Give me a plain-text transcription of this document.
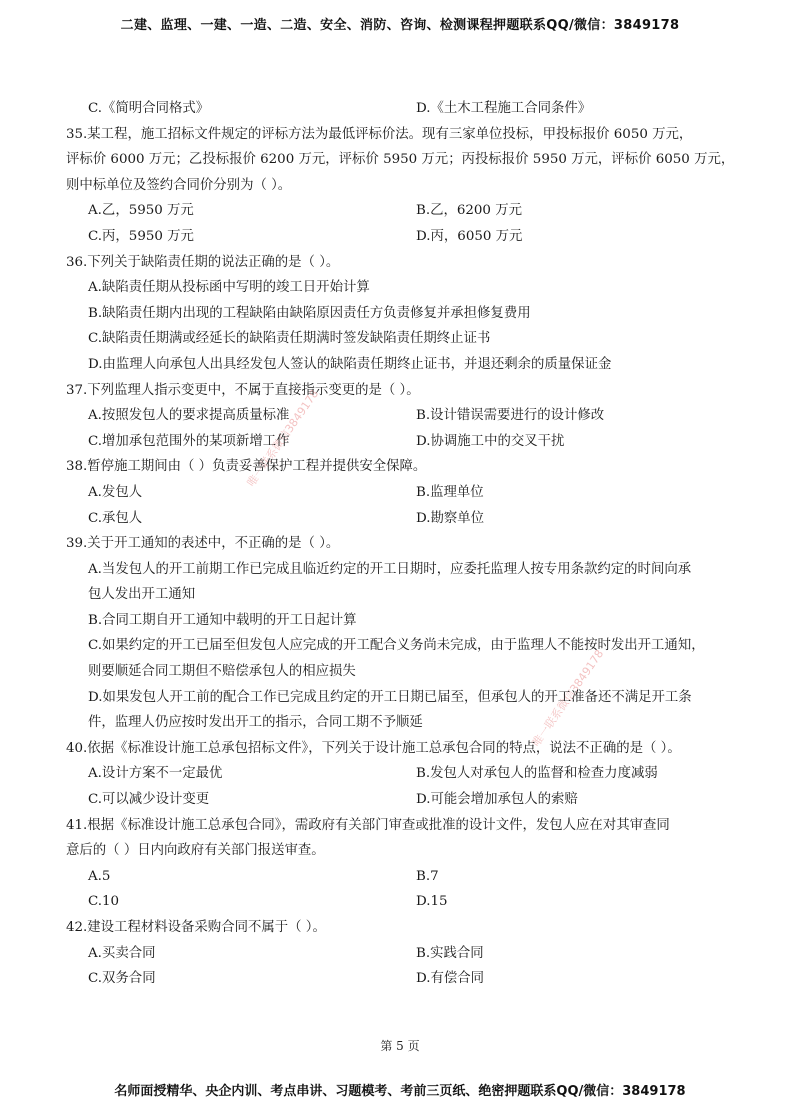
二建、监理、一建、一造、二造、安全、消防、咨询、检测课程押题联系QQ/微信：3849178
唯一联系微信3849178
唯一联系微信3849178
C.《简明合同格式》	D.《土木工程施工合同条件》
35.某工程，施工招标文件规定的评标方法为最低评标价法。现有三家单位投标，甲投标报价 6050 万元，
评标价 6000 万元；乙投标报价 6200 万元，评标价 5950 万元；丙投标报价 5950 万元，评标价 6050 万元，
则中标单位及签约合同价分别为（ ）。
A.乙，5950 万元	B.乙，6200 万元
C.丙，5950 万元	D.丙，6050 万元
36.下列关于缺陷责任期的说法正确的是（ ）。
A.缺陷责任期从投标函中写明的竣工日开始计算
B.缺陷责任期内出现的工程缺陷由缺陷原因责任方负责修复并承担修复费用
C.缺陷责任期满或经延长的缺陷责任期满时签发缺陷责任期终止证书
D.由监理人向承包人出具经发包人签认的缺陷责任期终止证书，并退还剩余的质量保证金
37.下列监理人指示变更中，不属于直接指示变更的是（ ）。
A.按照发包人的要求提高质量标准	B.设计错误需要进行的设计修改
C.增加承包范围外的某项新增工作	D.协调施工中的交叉干扰
38.暂停施工期间由（ ）负责妥善保护工程并提供安全保障。
A.发包人	B.监理单位
C.承包人	D.勘察单位
39.关于开工通知的表述中，不正确的是（ ）。
A.当发包人的开工前期工作已完成且临近约定的开工日期时，应委托监理人按专用条款约定的时间向承
包人发出开工通知
B.合同工期自开工通知中载明的开工日起计算
C.如果约定的开工已届至但发包人应完成的开工配合义务尚未完成，由于监理人不能按时发出开工通知，
则要顺延合同工期但不赔偿承包人的相应损失
D.如果发包人开工前的配合工作已完成且约定的开工日期已届至，但承包人的开工准备还不满足开工条
件，监理人仍应按时发出开工的指示，合同工期不予顺延
40.依据《标准设计施工总承包招标文件》，下列关于设计施工总承包合同的特点，说法不正确的是（ ）。
A.设计方案不一定最优	B.发包人对承包人的监督和检查力度减弱
C.可以减少设计变更	D.可能会增加承包人的索赔
41.根据《标准设计施工总承包合同》，需政府有关部门审查或批准的设计文件，发包人应在对其审查同
意后的（ ）日内向政府有关部门报送审查。
A.5	B.7
C.10	D.15
42.建设工程材料设备采购合同不属于（ ）。
A.买卖合同	B.实践合同
C.双务合同	D.有偿合同
第 5 页
名师面授精华、央企内训、考点串讲、习题模考、考前三页纸、绝密押题联系QQ/微信：3849178
